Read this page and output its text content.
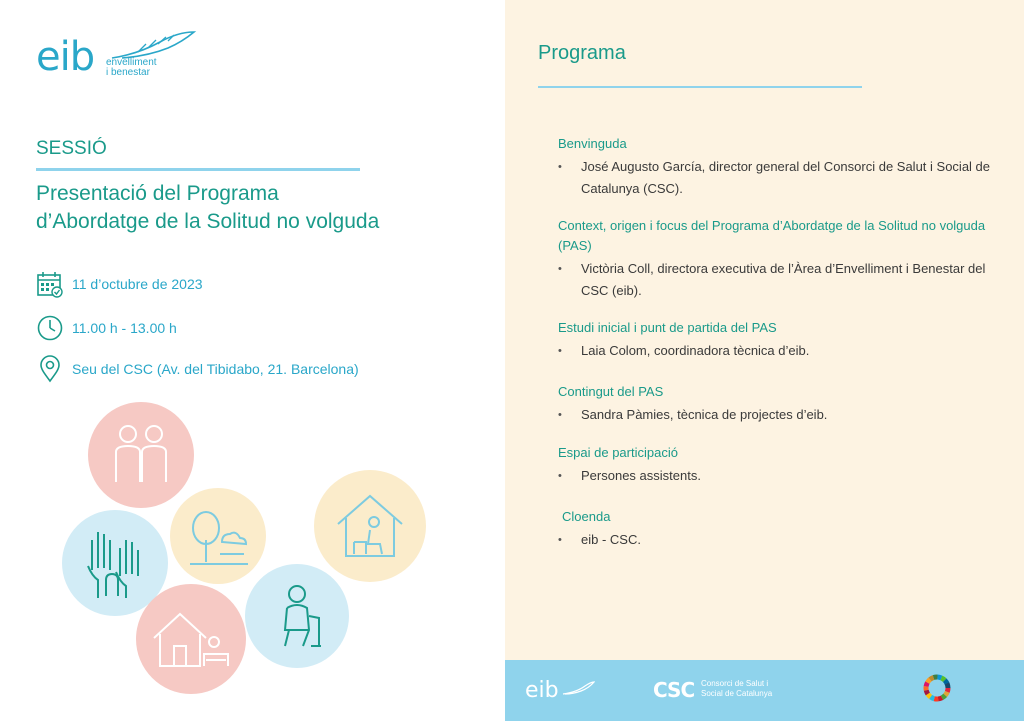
eib envelliment
i benestar
SESSIÓ
Presentació del Programa
d’Abordatge de la Solitud no volguda
11 d’octubre de 2023
11.00 h - 13.00 h
Seu del CSC (Av. del Tibidabo, 21. Barcelona)
Programa
Benvinguda
• José Augusto García, director general del Consorci de Salut i Social de Catalunya (CSC).
Context, origen i focus del Programa d’Abordatge de la Solitud no volguda (PAS)
• Victòria Coll, directora executiva de l’Àrea d’Envelliment i Benestar del CSC (eib).
Estudi inicial i punt de partida del PAS
• Laia Colom, coordinadora tècnica d’eib.
Contingut del PAS
• Sandra Pàmies, tècnica de projectes d’eib.
Espai de participació
• Persones assistents.
Cloenda
• eib - CSC.
eib	CSC Consorci de Salut i
Social de Catalunya
